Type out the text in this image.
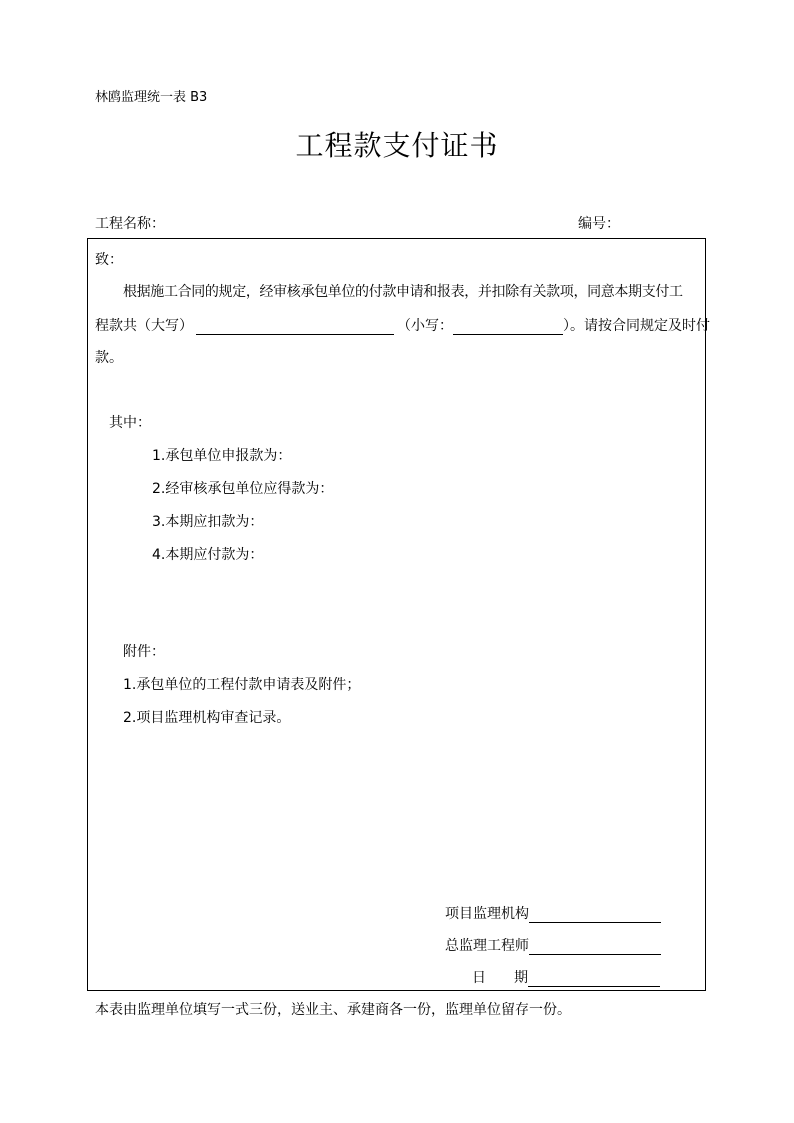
林鸥监理统一表 B3
工程款支付证书
工程名称：	编号：
致：
根据施工合同的规定，经审核承包单位的付款申请和报表，并扣除有关款项，同意本期支付工
程款共（大写）	（小写：	）。请按合同规定及时付
款。
其中：
1.承包单位申报款为：
2.经审核承包单位应得款为：
3.本期应扣款为：
4.本期应付款为：
附件：
1.承包单位的工程付款申请表及附件；
2.项目监理机构审查记录。
项目监理机构
总监理工程师
日　　期
本表由监理单位填写一式三份，送业主、承建商各一份，监理单位留存一份。
